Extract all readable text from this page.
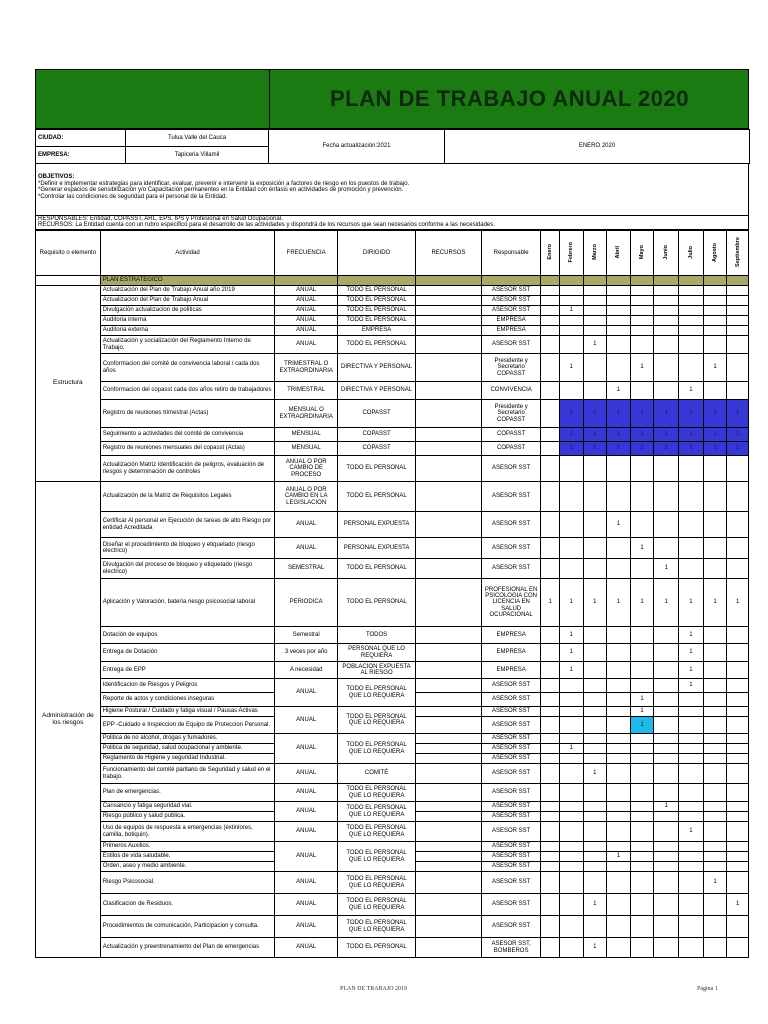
PLAN DE TRABAJO ANUAL 2020
CIUDAD:	Tulua Valle del Cauca	Fecha actualización:2021	ENERO 2020
EMPRESA:	Tapiceria Villamil		
OBJETIVOS:
*Definir e implementar estrategias para identificar, evaluar, prevenir e intervenir la exposición a factores de riesgo en los puestos de trabajo.
*Generar espacios de sensibilización y/o Capacitación permanentes en la Entidad con énfasis en actividades de promoción y prevención.
*Controlar las condiciones de seguridad para el personal de la Entidad.
RESPONSABLES: Entidad, COPASST, ARL, EPS, IPS y Profesional en Salud Ocupacional.
RECURSOS: La Entidad cuenta con un rubro especifico para el desarrollo de las actividades y dispondrá de los recursos que sean necesarios conforme a las necesidades.
Requisito o elemento	Actividad	FRECUENCIA	DIRIGIDO	RECURSOS	Responsable	Enero	Febrero	Marzo	Abril	Mayo	Junio	Julio	Agosto	Septiembre
	PLAN ESTRATEGICO													
Estructura	Actualización del Plan de Trabajo Anual año 2019	ANUAL	TODO EL PERSONAL		ASESOR SST									
	Actualizacion del Plan de Trabajo Anual	ANUAL	TODO EL PERSONAL		ASESOR SST									
	Divulgación actualizacion de politicas	ANUAL	TODO EL PERSONAL		ASESOR SST		1							
	Auditoria interna	ANUAL	TODO EL PERSONAL		EMPRESA									
	Auditoria externa	ANUAL	EMPRESA		EMPRESA									
	Actualización y socialización del Reglamento Interno de Trabajo.	ANUAL	TODO EL PERSONAL		ASESOR SST			1						
	Conformacion del comité de convivencia laboral / cada dos años	TRIMESTRAL O EXTRAORDINARIA	DIRECTIVA Y PERSONAL		Presidente y Secretario COPASST		1			1			1	
	Conformacion del copasst cada dos años retiro de trabajadores	TRIMESTRAL	DIRECTIVA Y PERSONAL		CONVIVENCIA				1			1		
	Registro de reuniones trimestral (Actas)	MENSUAL O EXTRAORDINARIA	COPASST		Presidente y Secretario COPASST		1	1	1	1	1	1	1	1
	Seguimiento a actividades del comité de convivencia	MENSUAL	COPASST		COPASST		1	1	1	1	1	1	1	1
	Registro de reuniones mensuales del copasst (Actas)	MENSUAL	COPASST		COPASST		1	1	1	1	1	1	1	1
	Actualización Matriz Identificación de peligros, evaluación de riesgos y determinación de controles	ANUAL O POR CAMBIO DE PROCESO	TODO EL PERSONAL		ASESOR SST									
Administración de los riesgos	Actualización de la Matriz de Requisitos Legales	ANUAL O POR CAMBIO EN LA LEGISLACION	TODO EL PERSONAL		ASESOR SST									
	Certificar Al personal en Ejecución de tareas de alto Riesgo por entidad Acreditada	ANUAL	PERSONAL EXPUESTA		ASESOR SST				1					
	Diseñar el procedimiento de bloqueo y etiquetado (riesgo electrico)	ANUAL	PERSONAL EXPUESTA		ASESOR SST					1				
	Divulgación del proceso de bloqueo y etiquetado (riesgo electrico)	SEMESTRAL	TODO EL PERSONAL		ASESOR SST						1			
	Aplicación y Valoración, baterìa riesgo psicosocial laboral	PERIODICA	TODO EL PERSONAL		PROFESIONAL EN PSICOLOGIA CON LICENCIA EN SALUD OCUPACIONAL	1	1	1	1	1	1	1	1	1
	Dotación de equipos	Semestral	TODOS		EMPRESA		1					1		
	Entrega de Dotación	3 veces por año	PERSONAL QUE LO REQUIERA		EMPRESA		1					1		
	Entrega de EPP	A necesidad	POBLACION EXPUESTA AL RIESGO		EMPRESA		1					1		
	Identificacion de Riesgos y Peligros	ANUAL	TODO EL PERSONAL QUE LO REQUIERA		ASESOR SST							1		
	Reporte de actos y condiciones inseguras				ASESOR SST					1				
	Higiene Postural / Cuidado y fatiga visual / Pausas Activas	ANUAL	TODO EL PERSONAL QUE LO REQUIERA		ASESOR SST					1				
	EPP -Cuidado e Inspeccion de Equipo de Proteccion Personal.				ASESOR SST					1				
	Politica de no alcohol, drogas y fumadores.	ANUAL	TODO EL PERSONAL QUE LO REQUIERA		ASESOR SST									
	Politica de seguridad, salud ocupacional y ambiente.				ASESOR SST		1							
	Reglamento de Higiene y seguridad Industrial.				ASESOR SST									
	Funcionamiento del comité paritario de Seguridad y salud en el trabajo.	ANUAL	COMITÉ		ASESOR SST			1						
	Plan de emergencias.	ANUAL	TODO EL PERSONAL QUE LO REQUIERA		ASESOR SST									
	Cansancio y fatiga seguridad vial.	ANUAL	TODO EL PERSONAL QUE LO REQUIERA		ASESOR SST						1			
	Riesgo público y salud publica.				ASESOR SST									
	Uso de equipos de respuesta a emergencias (extinlores, camilla, botiquin).	ANUAL	TODO EL PERSONAL QUE LO REQUIERA		ASESOR SST							1		
	Primeros Auxilios.	ANUAL	TODO EL PERSONAL QUE LO REQUIERA		ASESOR SST									
	Estilos de vida saludable.				ASESOR SST				1					
	Orden, aseo y medio ambiente.				ASESOR SST									
	Riesgo Psicosocial.	ANUAL	TODO EL PERSONAL QUE LO REQUIERA		ASESOR SST								1	
	Clasificacion de Residuos.	ANUAL	TODO EL PERSONAL QUE LO REQUIERA		ASESOR SST			1						1
	Procedimientos de comunicación, Participacion y consulta.	ANUAL	TODO EL PERSONAL QUE LO REQUIERA		ASESOR SST									
	Actualización y preentrenamiento del Plan de emergencias	ANUAL	TODO EL PERSONAL		ASESOR SST, BOMBEROS			1						
PLAN DE TRABAJO 2019	Página 1
